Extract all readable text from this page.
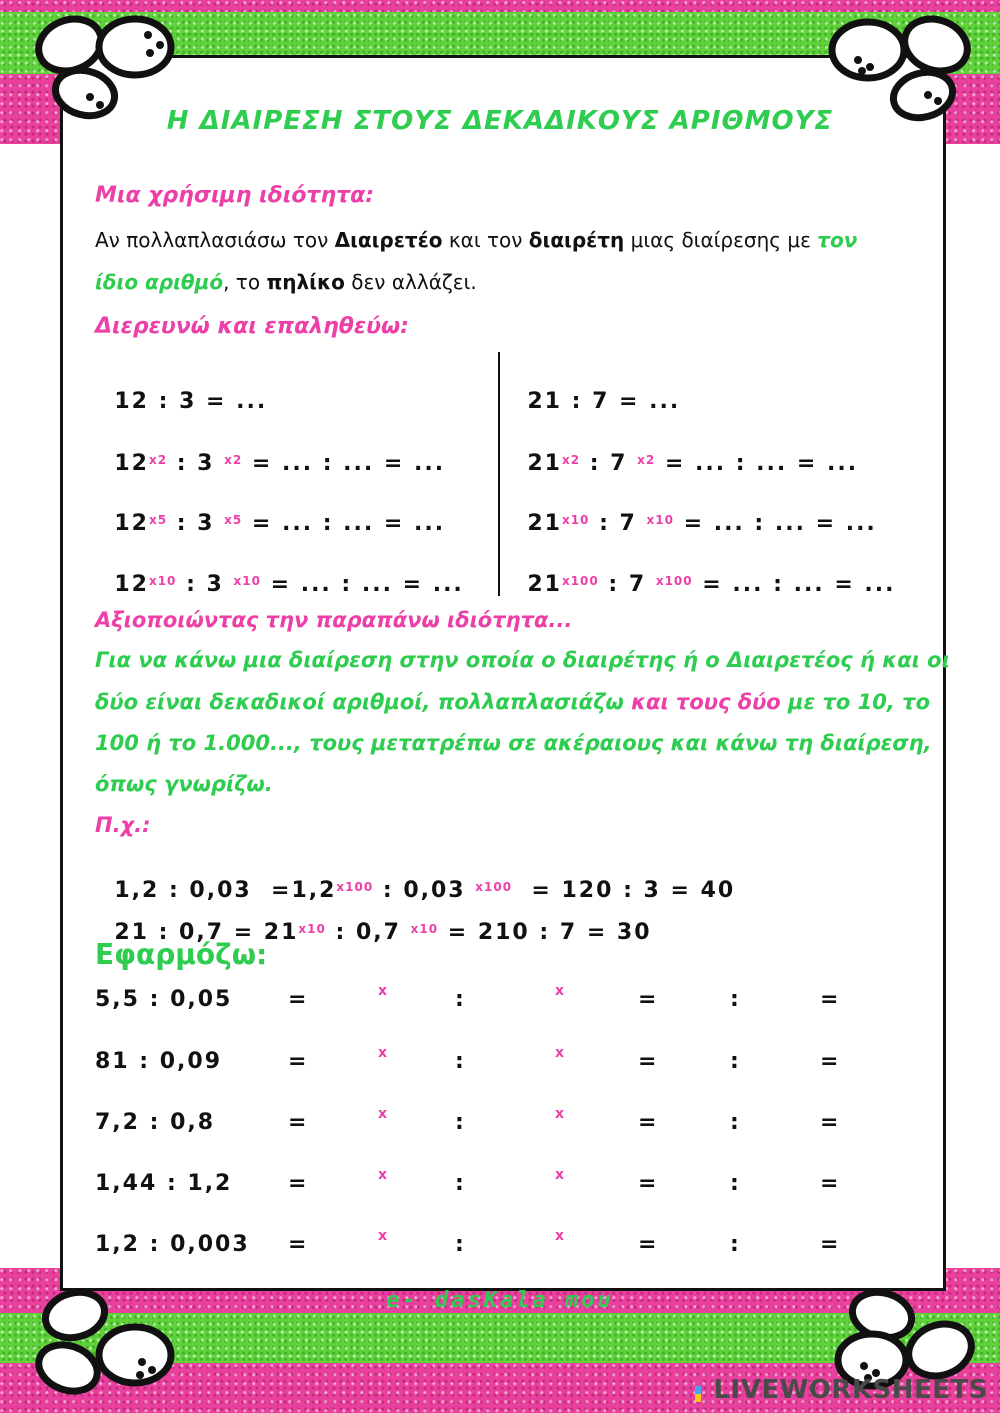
Η ΔΙΑΙΡΕΣΗ ΣΤΟΥΣ ΔΕΚΑΔΙΚΟΥΣ ΑΡΙΘΜΟΥΣ
Μια χρήσιμη ιδιότητα:
Αν πολλαπλασιάσω τον Διαιρετέο και τον διαιρέτη μιας διαίρεσης με τον
ίδιο αριθμό, το πηλίκο δεν αλλάζει.
Διερευνώ και επαληθεύω:

12 : 3 = ...

$12^{x2}$ : 3 $^{x2}$ = ... : ... = ...

$12^{x5}$ : 3 $^{x5}$ = ... : ... = ...

$12^{x10}$ : 3 $^{x10}$ = ... : ... = ...

21 : 7 = ...

$21^{x2}$ : 7 $^{x2}$ = ... : ... = ...

$21^{x10}$ : 7 $^{x10}$ = ... : ... = ...

$21^{x100}$ : 7 $^{x100}$ = ... : ... = ...

Αξιοποιώντας την παραπάνω ιδιότητα...
Για να κάνω μια διαίρεση στην οποία ο διαιρέτης ή ο Διαιρετέος ή και οι
δύο είναι δεκαδικοί αριθμοί, πολλαπλασιάζω και τους δύο με το 10, το
100 ή το 1.000..., τους μετατρέπω σε ακέραιους και κάνω τη διαίρεση,
όπως γνωρίζω.
Π.χ.:

1,2 : $0,03 =1,2^{x100}$ : 0,03 $^{x100}$  = 120 : 3 = 40

21 : $0,7 = 21^{x10}$ : 0,7 $^{x10}$ = 210 : 7 = 30

Εφαρμόζω:
5,5 : 0,05	=	x	:	x	=	:	=
81 : 0,09	=	x	:	x	=	:	=
7,2 : 0,8	=	x	:	x	=	:	=
1,44 : 1,2	=	x	:	x	=	:	=
1,2 : 0,003 =	x	:	x	=	:	=
e- dasKala mou
LIVEWORKSHEETS
